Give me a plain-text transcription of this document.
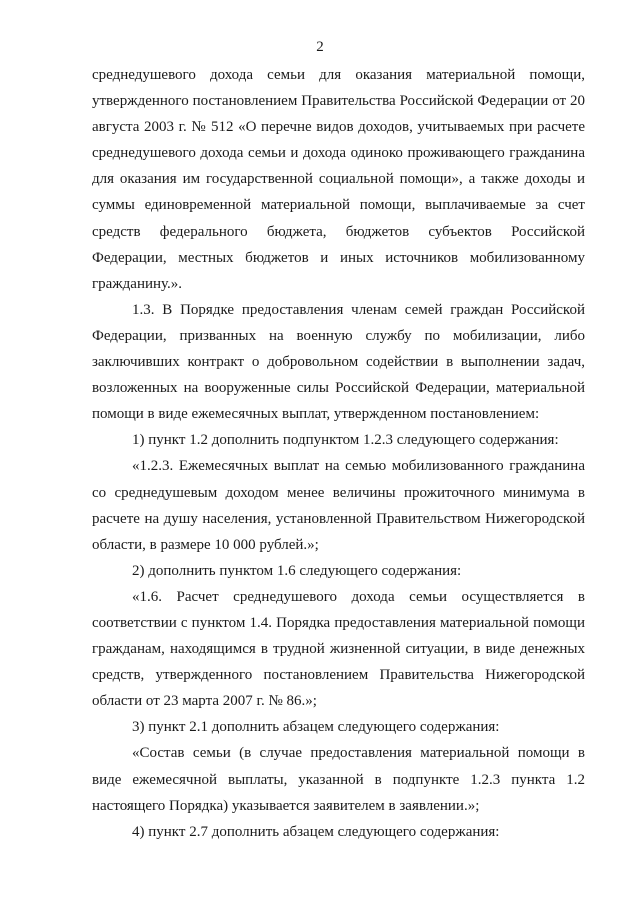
2

среднедушевого дохода семьи для оказания материальной помощи, утвержденного постановлением Правительства Российской Федерации от 20 августа 2003 г. № 512 «О перечне видов доходов, учитываемых при расчете среднедушевого дохода семьи и дохода одиноко проживающего гражданина для оказания им государственной социальной помощи», а также доходы и суммы единовременной материальной помощи, выплачиваемые за счет средств федерального бюджета, бюджетов субъектов Российской Федерации, местных бюджетов и иных источников мобилизованному гражданину.».

1.3. В Порядке предоставления членам семей граждан Российской Федерации, призванных на военную службу по мобилизации, либо заключивших контракт о добровольном содействии в выполнении задач, возложенных на вооруженные силы Российской Федерации, материальной помощи в виде ежемесячных выплат, утвержденном постановлением:

1) пункт 1.2 дополнить подпунктом 1.2.3 следующего содержания:

«1.2.3. Ежемесячных выплат на семью мобилизованного гражданина со среднедушевым доходом менее величины прожиточного минимума в расчете на душу населения, установленной Правительством Нижегородской области, в размере 10 000 рублей.»;

2) дополнить пунктом 1.6 следующего содержания:

«1.6. Расчет среднедушевого дохода семьи осуществляется в соответствии с пунктом 1.4. Порядка предоставления материальной помощи гражданам, находящимся в трудной жизненной ситуации, в виде денежных средств, утвержденного постановлением Правительства Нижегородской области от 23 марта 2007 г. № 86.»;

3) пункт 2.1 дополнить абзацем следующего содержания:

«Состав семьи (в случае предоставления материальной помощи в виде ежемесячной выплаты, указанной в подпункте 1.2.3 пункта 1.2 настоящего Порядка) указывается заявителем в заявлении.»;

4) пункт 2.7 дополнить абзацем следующего содержания:
